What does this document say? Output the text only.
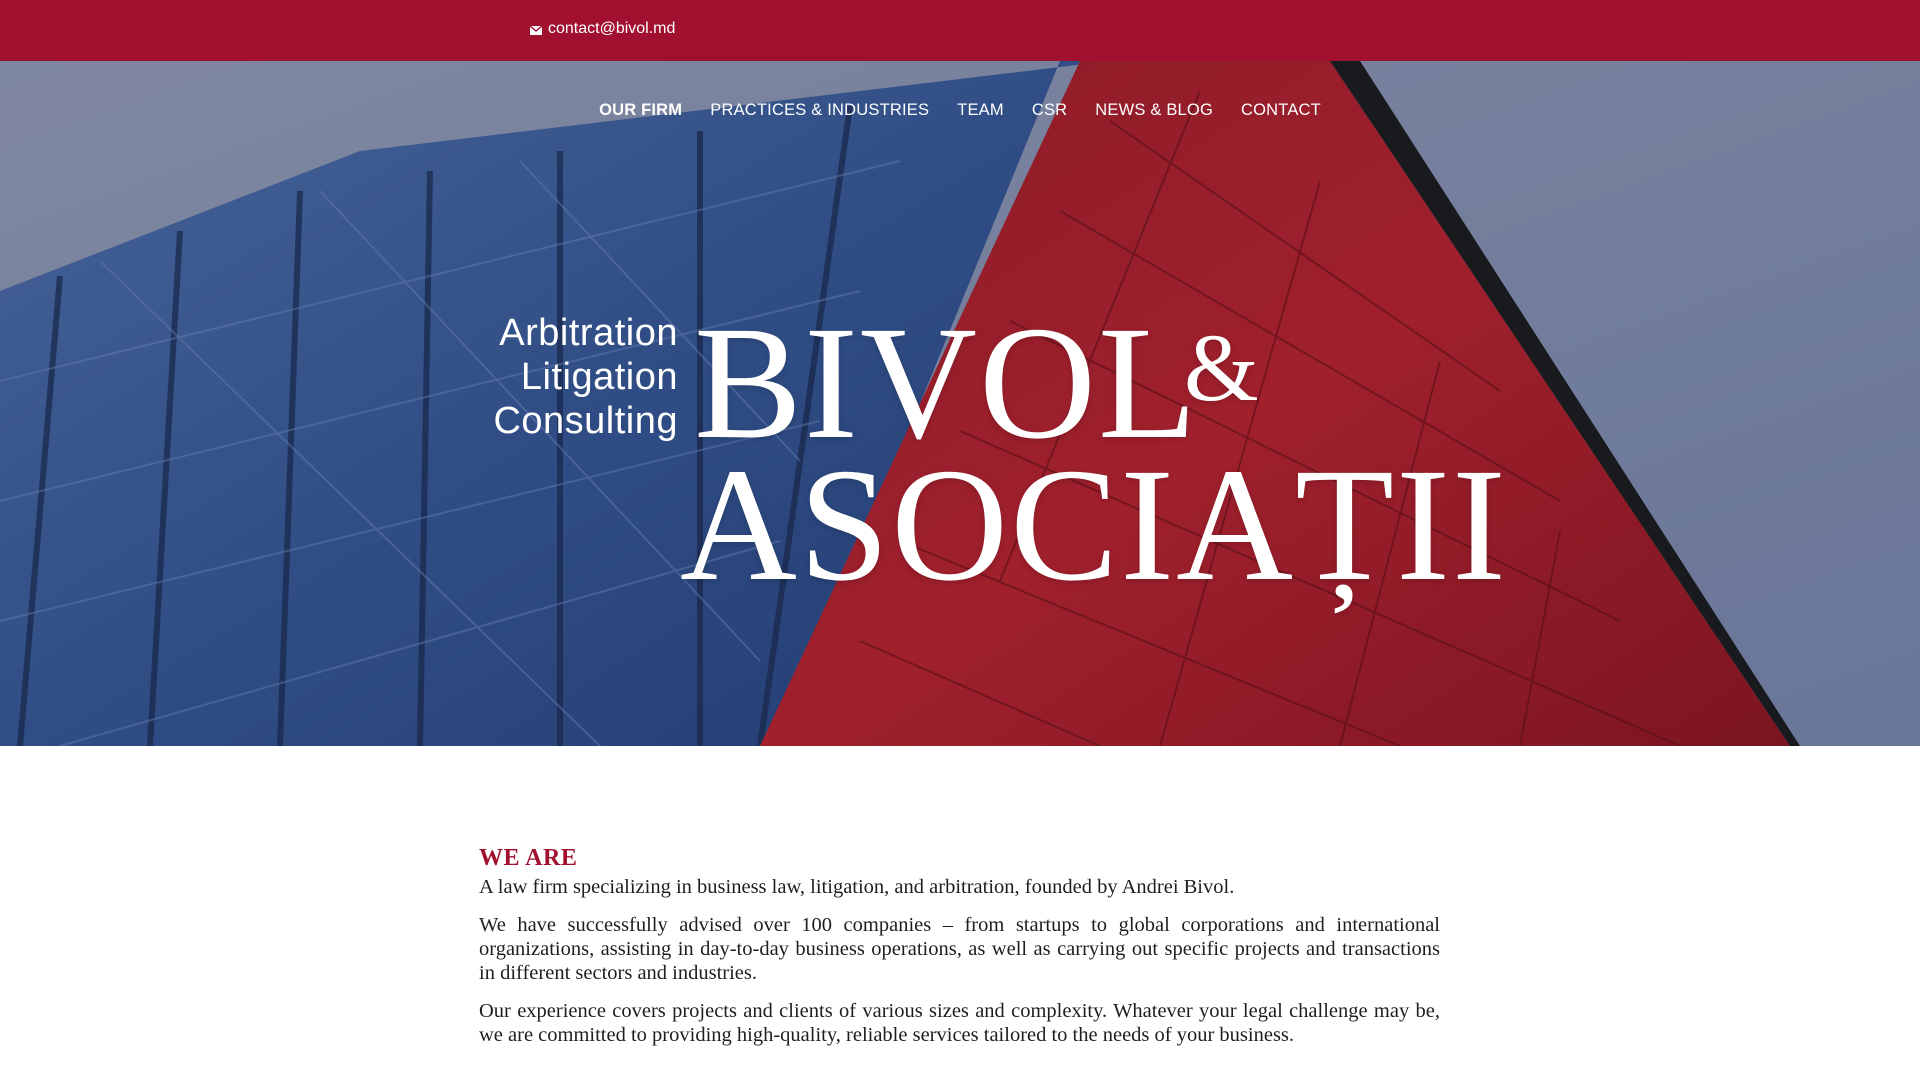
contact@bivol.md
OUR FIRM PRACTICES & INDUSTRIES TEAM CSR NEWS & BLOG CONTACT
Arbitration
Litigation
Consulting BIVOL
&
ASOCIAȚII
WE ARE

A law firm specializing in business law, litigation, and arbitration, founded by Andrei Bivol.

We have successfully advised over 100 companies – from startups to global corporations and international organizations, assisting in day-to-day business operations, as well as carrying out specific projects and transactions in different sectors and industries.

Our experience covers projects and clients of various sizes and complexity. Whatever your legal challenge may be, we are committed to providing high-quality, reliable services tailored to the needs of your business.
